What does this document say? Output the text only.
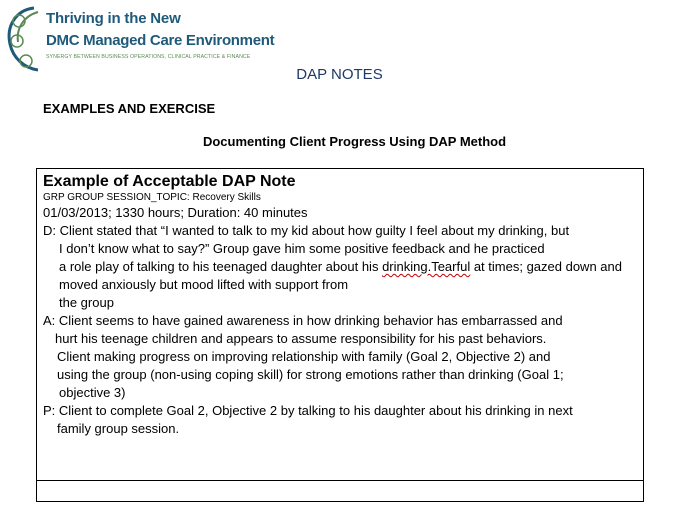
Thriving in the New
DMC Managed Care Environment
SYNERGY BETWEEN BUSINESS OPERATIONS, CLINICAL PRACTICE & FINANCE
DAP NOTES
EXAMPLES AND EXERCISE
Documenting Client Progress Using DAP Method
Example of Acceptable DAP Note
GRP GROUP SESSION_TOPIC: Recovery Skills
01/03/2013; 1330 hours; Duration: 40 minutes
D: Client stated that “I wanted to talk to my kid about how guilty I feel about my drinking, but
I don’t know what to say?” Group gave him some positive feedback and he practiced
a role play of talking to his teenaged daughter about his drinking.Tearful at times; gazed down and
moved anxiously but mood lifted with support from
the group
A: Client seems to have gained awareness in how drinking behavior has embarrassed and
hurt his teenage children and appears to assume responsibility for his past behaviors.
Client making progress on improving relationship with family (Goal 2, Objective 2) and
using the group (non-using coping skill) for strong emotions rather than drinking (Goal 1;
objective 3)
P: Client to complete Goal 2, Objective 2 by talking to his daughter about his drinking in next
family group session.
